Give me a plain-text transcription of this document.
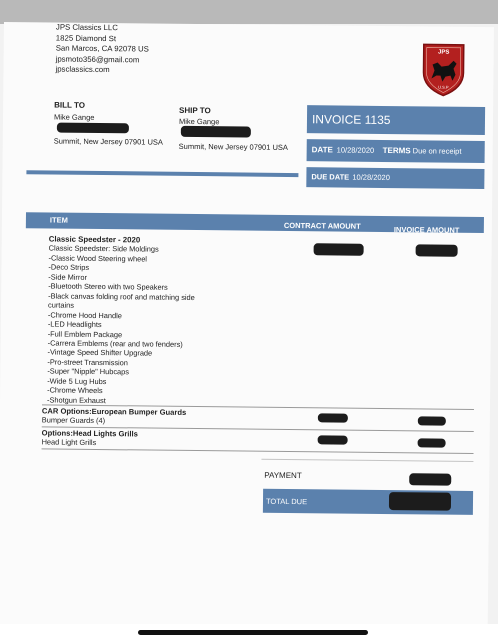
JPS Classics LLC
1825 Diamond St
San Marcos, CA 92078 US
jpsmoto356@gmail.com
jpsclassics.com
JPS
U.S.P
BILL TO
Mike Gange
Summit, New Jersey 07901 USA
SHIP TO
Mike Gange
Summit, New Jersey 07901 USA
INVOICE 1135
DATE 10/28/2020 TERMS Due on receipt
DUE DATE 10/28/2020
ITEM
CONTRACT AMOUNT	INVOICE AMOUNT
Classic Speedster - 2020
Classic Speedster: Side Moldings
-Classic Wood Steering wheel
-Deco Strips
-Side Mirror
-Bluetooth Stereo with two Speakers
-Black canvas folding roof and matching side
curtains
-Chrome Hood Handle
-LED Headlights
-Full Emblem Package
-Carrera Emblems (rear and two fenders)
-Vintage Speed Shifter Upgrade
-Pro-street Transmission
-Super "Nipple" Hubcaps
-Wide 5 Lug Hubs
-Chrome Wheels
-Shotgun Exhaust
CAR Options:European Bumper Guards
Bumper Guards (4)
Options:Head Lights Grills
Head Light Grills
PAYMENT
TOTAL DUE
